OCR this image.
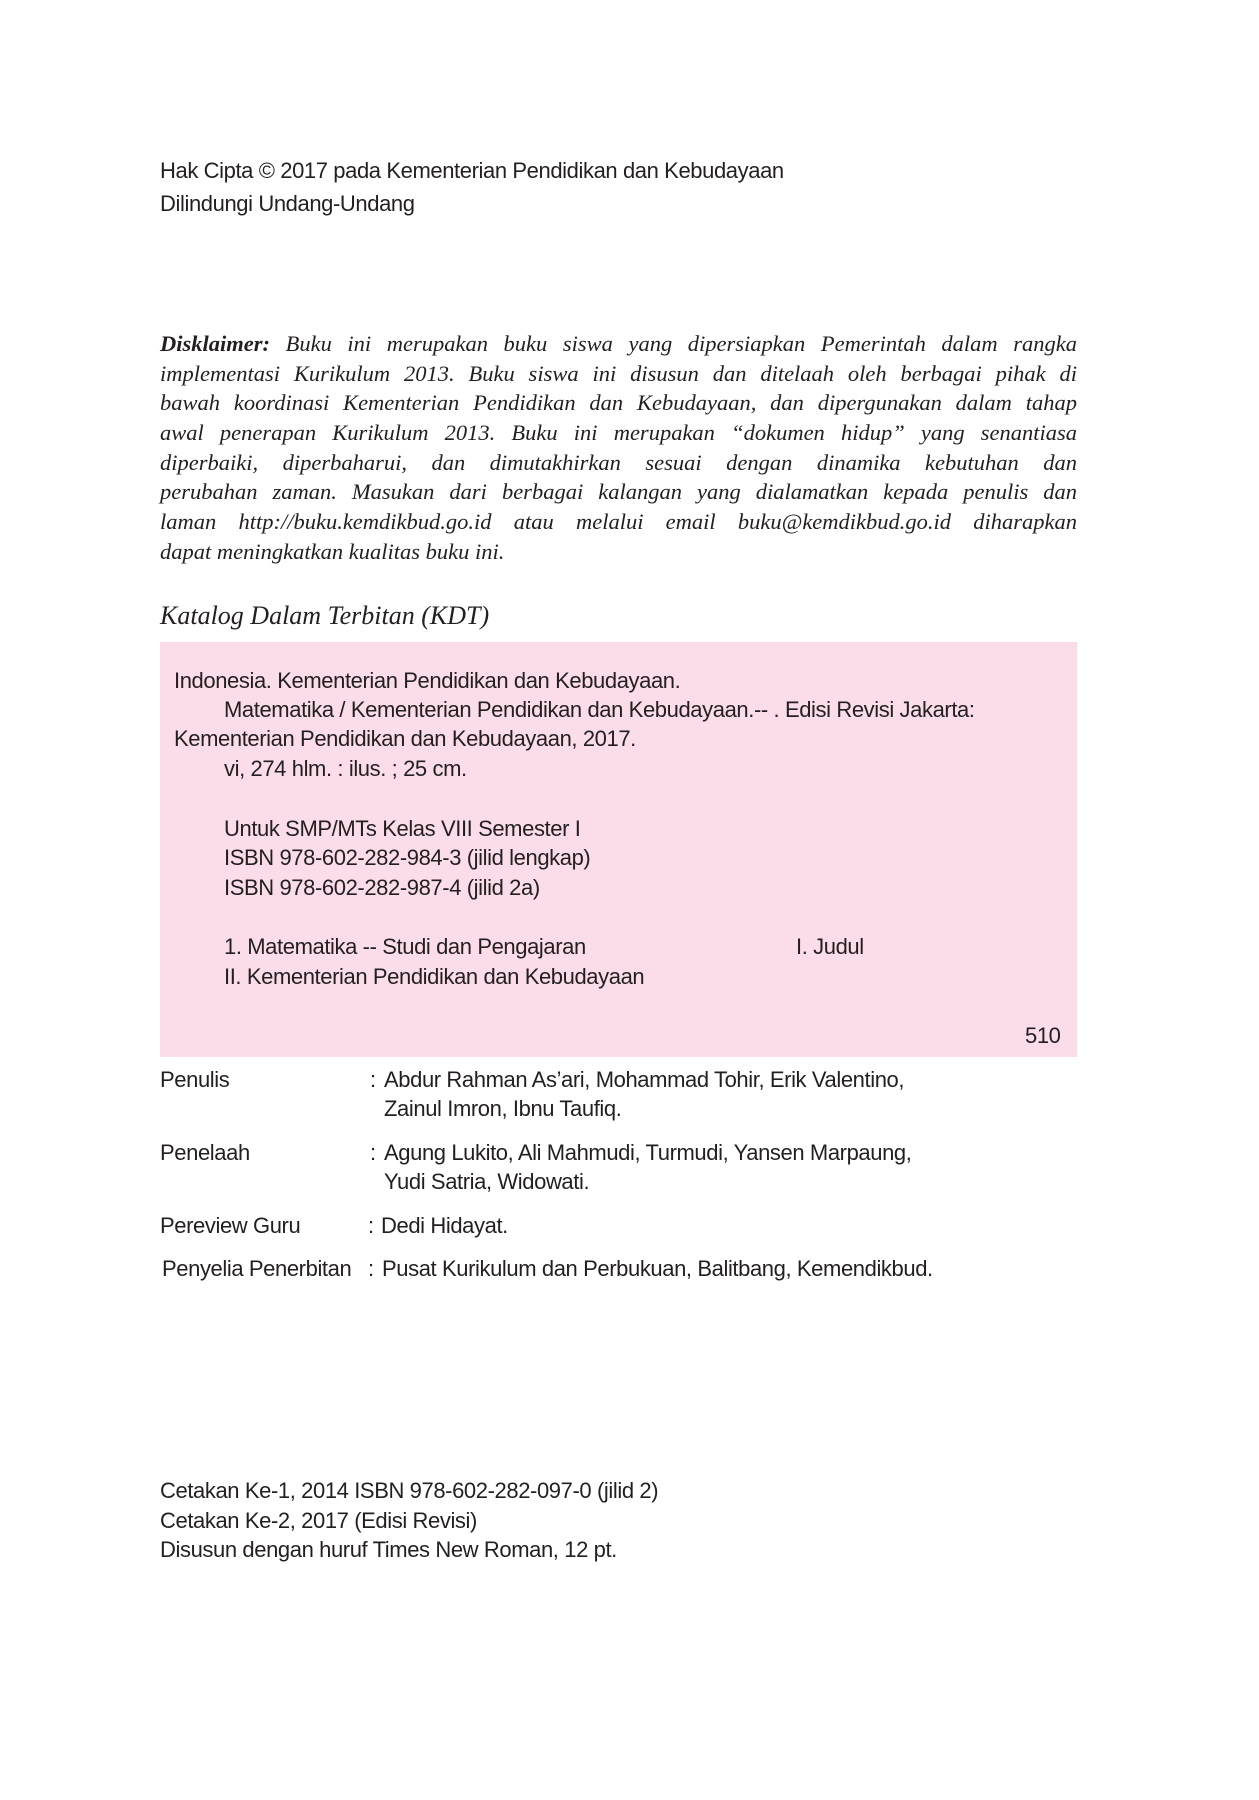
Hak Cipta © 2017 pada Kementerian Pendidikan dan Kebudayaan
Dilindungi Undang-Undang
Disklaimer: Buku ini merupakan buku siswa yang dipersiapkan Pemerintah dalam rangka
implementasi Kurikulum 2013. Buku siswa ini disusun dan ditelaah oleh berbagai pihak di
bawah koordinasi Kementerian Pendidikan dan Kebudayaan, dan dipergunakan dalam tahap
awal penerapan Kurikulum 2013. Buku ini merupakan “dokumen hidup” yang senantiasa
diperbaiki, diperbaharui, dan dimutakhirkan sesuai dengan dinamika kebutuhan dan
perubahan zaman. Masukan dari berbagai kalangan yang dialamatkan kepada penulis dan
laman http://buku.kemdikbud.go.id atau melalui email buku@kemdikbud.go.id diharapkan
dapat meningkatkan kualitas buku ini.
Katalog Dalam Terbitan (KDT)
Indonesia. Kementerian Pendidikan dan Kebudayaan.
Matematika / Kementerian Pendidikan dan Kebudayaan.-- . Edisi Revisi Jakarta:
Kementerian Pendidikan dan Kebudayaan, 2017.
vi, 274 hlm. : ilus. ; 25 cm.
Untuk SMP/MTs Kelas VIII Semester I
ISBN 978-602-282-984-3 (jilid lengkap)
ISBN 978-602-282-987-4 (jilid 2a)
1. Matematika -- Studi dan Pengajaran	I. Judul
II. Kementerian Pendidikan dan Kebudayaan
510
Penulis	: Abdur Rahman As’ari, Mohammad Tohir, Erik Valentino,
Zainul Imron, Ibnu Taufiq.
Penelaah	: Agung Lukito, Ali Mahmudi, Turmudi, Yansen Marpaung,
Yudi Satria, Widowati.
Pereview Guru	: Dedi Hidayat.
Penyelia Penerbitan : Pusat Kurikulum dan Perbukuan, Balitbang, Kemendikbud.
Cetakan Ke-1, 2014 ISBN 978-602-282-097-0 (jilid 2)
Cetakan Ke-2, 2017 (Edisi Revisi)
Disusun dengan huruf Times New Roman, 12 pt.
